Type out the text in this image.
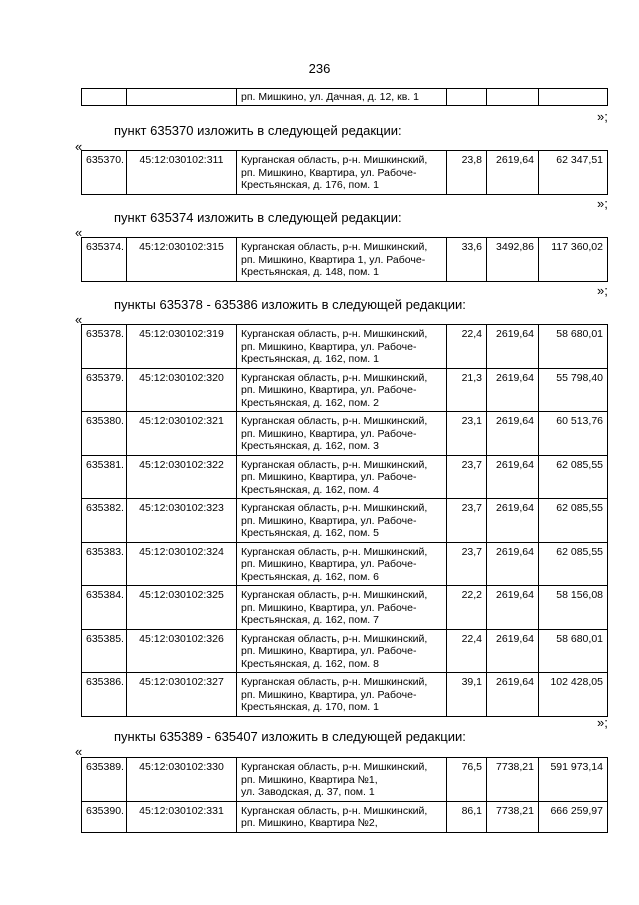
236
		рп. Мишкино, ул. Дачная, д. 12, кв. 1			
»;
пункт 635370 изложить в следующей редакции:
«
635370.	45:12:030102:311	Курганская область, р-н. Мишкинский,
рп. Мишкино, Квартира, ул. Рабоче-
Крестьянская, д. 176, пом. 1	23,8	2619,64	62 347,51
»;
пункт 635374 изложить в следующей редакции:
«
635374.	45:12:030102:315	Курганская область, р-н. Мишкинский,
рп. Мишкино, Квартира 1, ул. Рабоче-
Крестьянская, д. 148, пом. 1	33,6	3492,86	117 360,02
»;
пункты 635378 - 635386 изложить в следующей редакции:
«
635378.	45:12:030102:319	Курганская область, р-н. Мишкинский,
рп. Мишкино, Квартира, ул. Рабоче-
Крестьянская, д. 162, пом. 1	22,4	2619,64	58 680,01
635379.	45:12:030102:320	Курганская область, р-н. Мишкинский,
рп. Мишкино, Квартира, ул. Рабоче-
Крестьянская, д. 162, пом. 2	21,3	2619,64	55 798,40
635380.	45:12:030102:321	Курганская область, р-н. Мишкинский,
рп. Мишкино, Квартира, ул. Рабоче-
Крестьянская, д. 162, пом. 3	23,1	2619,64	60 513,76
635381.	45:12:030102:322	Курганская область, р-н. Мишкинский,
рп. Мишкино, Квартира, ул. Рабоче-
Крестьянская, д. 162, пом. 4	23,7	2619,64	62 085,55
635382.	45:12:030102:323	Курганская область, р-н. Мишкинский,
рп. Мишкино, Квартира, ул. Рабоче-
Крестьянская, д. 162, пом. 5	23,7	2619,64	62 085,55
635383.	45:12:030102:324	Курганская область, р-н. Мишкинский,
рп. Мишкино, Квартира, ул. Рабоче-
Крестьянская, д. 162, пом. 6	23,7	2619,64	62 085,55
635384.	45:12:030102:325	Курганская область, р-н. Мишкинский,
рп. Мишкино, Квартира, ул. Рабоче-
Крестьянская, д. 162, пом. 7	22,2	2619,64	58 156,08
635385.	45:12:030102:326	Курганская область, р-н. Мишкинский,
рп. Мишкино, Квартира, ул. Рабоче-
Крестьянская, д. 162, пом. 8	22,4	2619,64	58 680,01
635386.	45:12:030102:327	Курганская область, р-н. Мишкинский,
рп. Мишкино, Квартира, ул. Рабоче-
Крестьянская, д. 170, пом. 1	39,1	2619,64	102 428,05
»;
пункты 635389 - 635407 изложить в следующей редакции:
«
635389.	45:12:030102:330	Курганская область, р-н. Мишкинский,
рп. Мишкино, Квартира №1,
ул. Заводская, д. 37, пом. 1	76,5	7738,21	591 973,14
635390.	45:12:030102:331	Курганская область, р-н. Мишкинский,
рп. Мишкино, Квартира №2,	86,1	7738,21	666 259,97
